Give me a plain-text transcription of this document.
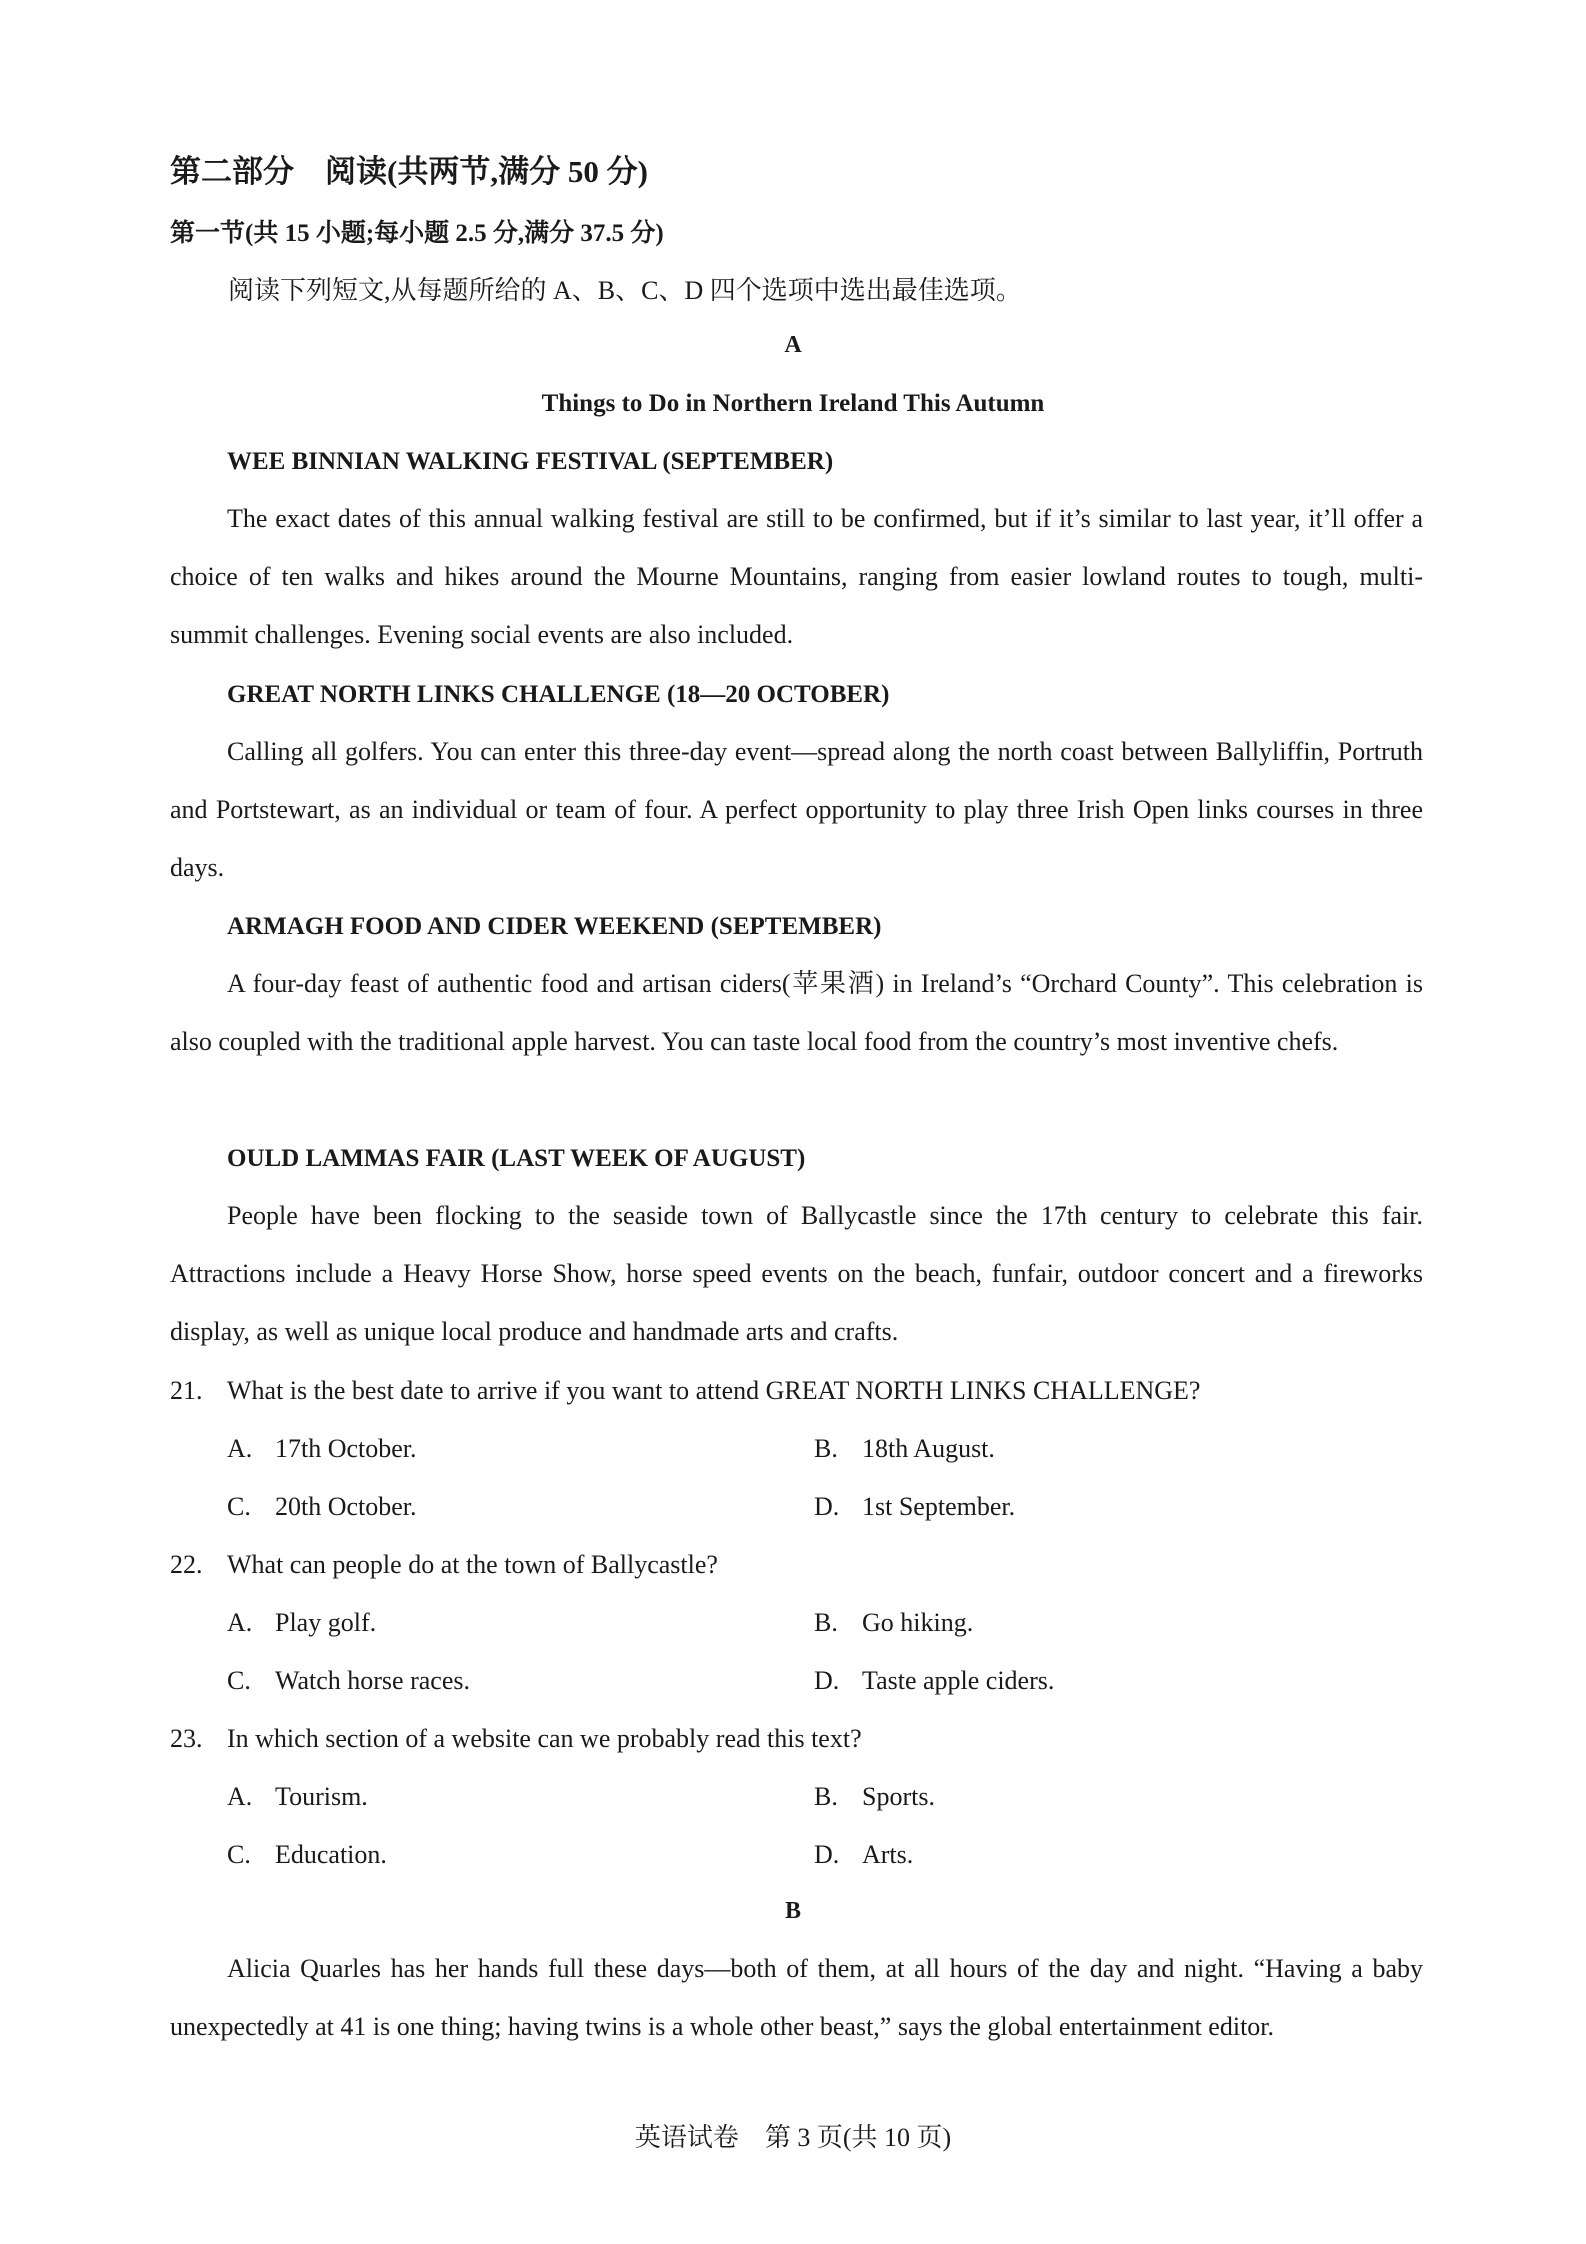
第二部分　阅读(共两节,满分 50 分)
第一节(共 15 小题;每小题 2.5 分,满分 37.5 分)
阅读下列短文,从每题所给的 A、B、C、D 四个选项中选出最佳选项。
A
Things to Do in Northern Ireland This Autumn
WEE BINNIAN WALKING FESTIVAL (SEPTEMBER)
The exact dates of this annual walking festival are still to be confirmed, but if it’s similar to last year, it’ll offer a choice of ten walks and hikes around the Mourne Mountains, ranging from easier lowland routes to tough, multi-summit challenges. Evening social events are also included.
GREAT NORTH LINKS CHALLENGE (18—20 OCTOBER)
Calling all golfers. You can enter this three-day event—spread along the north coast between Ballyliffin, Portruth and Portstewart, as an individual or team of four. A perfect opportunity to play three Irish Open links courses in three days.
ARMAGH FOOD AND CIDER WEEKEND (SEPTEMBER)
A four-day feast of authentic food and artisan ciders(苹果酒) in Ireland’s “Orchard County”. This celebration is also coupled with the traditional apple harvest. You can taste local food from the country’s most inventive chefs.
OULD LAMMAS FAIR (LAST WEEK OF AUGUST)
People have been flocking to the seaside town of Ballycastle since the 17th century to celebrate this fair. Attractions include a Heavy Horse Show, horse speed events on the beach, funfair, outdoor concert and a fireworks display, as well as unique local produce and handmade arts and crafts.
21. What is the best date to arrive if you want to attend GREAT NORTH LINKS CHALLENGE?
A. 17th October.	B. 18th August.
C. 20th October.	D. 1st September.
22. What can people do at the town of Ballycastle?
A. Play golf.	B. Go hiking.
C. Watch horse races.	D. Taste apple ciders.
23. In which section of a website can we probably read this text?
A. Tourism.	B. Sports.
C. Education.	D. Arts.
B
Alicia Quarles has her hands full these days—both of them, at all hours of the day and night. “Having a baby unexpectedly at 41 is one thing; having twins is a whole other beast,” says the global entertainment editor.
英语试卷　第 3 页(共 10 页)
